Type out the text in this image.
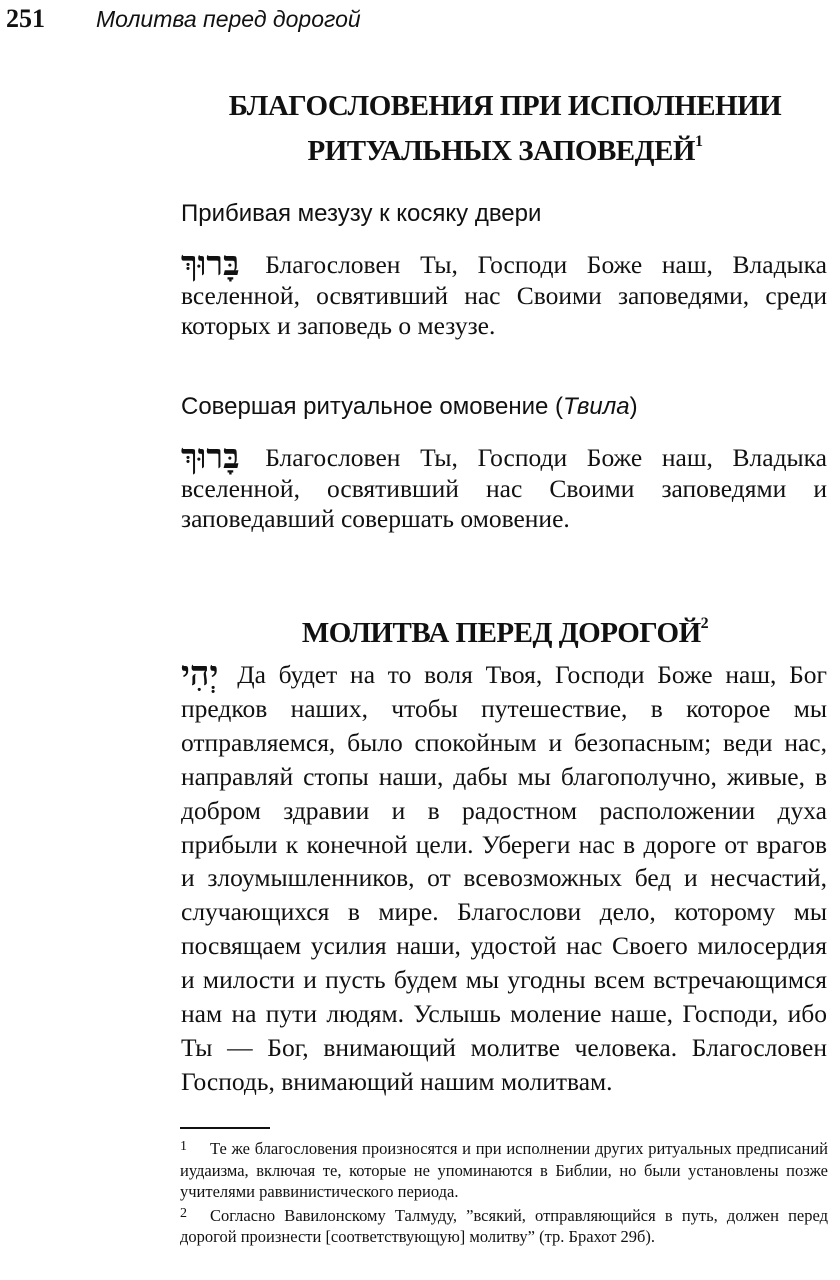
251	Молитва перед дорогой
БЛАГОСЛОВЕНИЯ ПРИ ИСПОЛНЕНИИ
РИТУАЛЬНЫХ ЗАПОВЕДЕЙ$^1$
Прибивая мезузу к косяку двери
בָּרוּךְ Благословен Ты, Господи Боже наш, Владыка вселенной, освятивший нас Своими заповедями, среди которых и заповедь о мезузе.
Совершая ритуальное омовение (Твила)
בָּרוּךְ Благословен Ты, Господи Боже наш, Владыка вселенной, освятивший нас Своими заповедями и заповедавший совершать омовение.
МОЛИТВА ПЕРЕД ДОРОГОЙ$^2$
יְהִי Да будет на то воля Твоя, Господи Боже наш, Бог предков наших, чтобы путешествие, в которое мы отправляемся, было спокойным и безопасным; веди нас, направляй стопы наши, дабы мы благополучно, живые, в добром здравии и в радостном расположении духа прибыли к конечной цели. Убереги нас в дороге от врагов и злоумышленников, от всевозможных бед и несчастий, случающихся в мире. Благослови дело, которому мы посвящаем усилия наши, удостой нас Своего милосердия и милости и пусть будем мы угодны всем встречающимся нам на пути людям. Услышь моление наше, Господи, ибо Ты — Бог, внимающий молитве человека. Благословен Господь, внимающий нашим молитвам.

1 Те же благословения произносятся и при исполнении других ритуальных предписаний иудаизма, включая те, которые не упоминаются в Библии, но были установлены позже учителями раввинистического периода.

2 Согласно Вавилонскому Талмуду, ”всякий, отправляющийся в путь, должен перед дорогой произнести [соответствующую] молитву” (тр. Брахот 29б).
